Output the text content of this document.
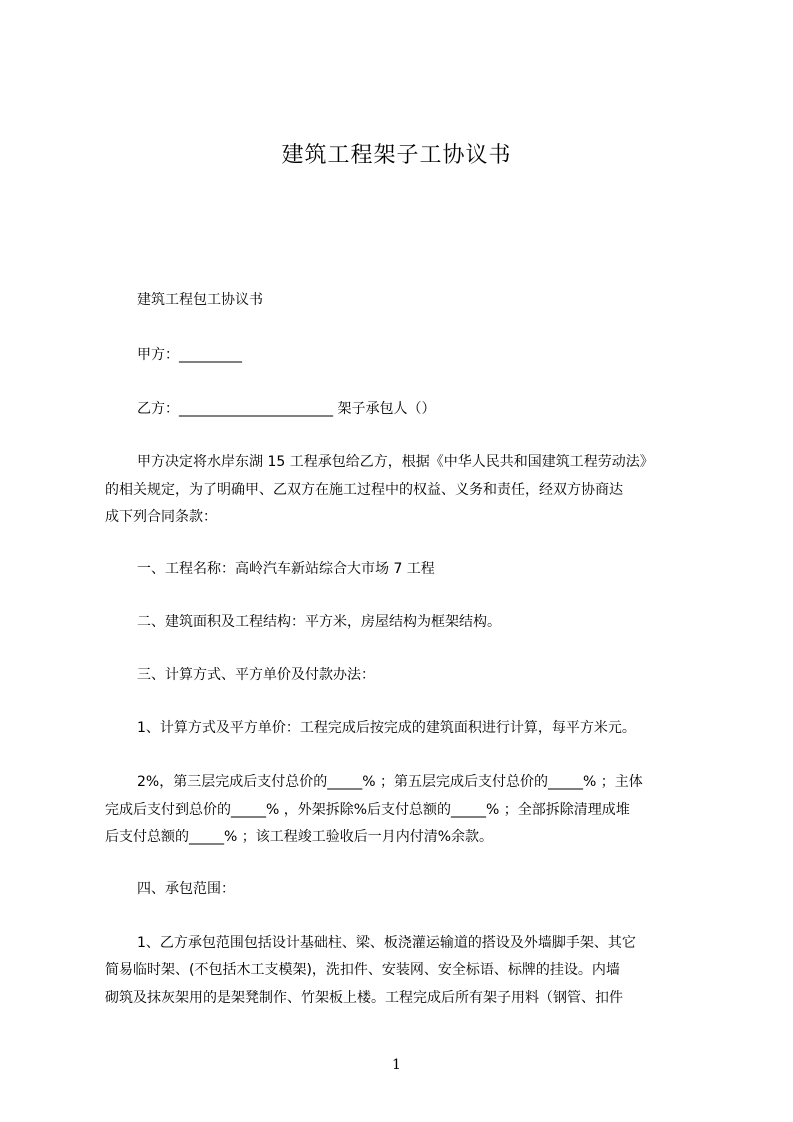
建筑工程架子工协议书
建筑工程包工协议书
甲方：_________
乙方：______________________ 架子承包人（）
甲方决定将水岸东湖 15 工程承包给乙方，根据《中华人民共和国建筑工程劳动法》
的相关规定，为了明确甲、乙双方在施工过程中的权益、义务和责任，经双方协商达
成下列合同条款：
一、工程名称：高岭汽车新站综合大市场 7 工程
二、建筑面积及工程结构：平方米，房屋结构为框架结构。
三、计算方式、平方单价及付款办法：
1、计算方式及平方单价：工程完成后按完成的建筑面积进行计算，每平方米元。
2%，第三层完成后支付总价的_____% ；第五层完成后支付总价的_____% ；主体
完成后支付到总价的_____% ，外架拆除%后支付总额的_____% ；全部拆除清理成堆
后支付总额的_____% ；该工程竣工验收后一月内付清%余款。
四、承包范围：
1、乙方承包范围包括设计基础柱、梁、板浇灌运输道的搭设及外墙脚手架、其它
简易临时架、(不包括木工支模架)，洗扣件、安装网、安全标语、标牌的挂设。内墙
砌筑及抹灰架用的是架凳制作、竹架板上楼。工程完成后所有架子用料（钢管、扣件
1
